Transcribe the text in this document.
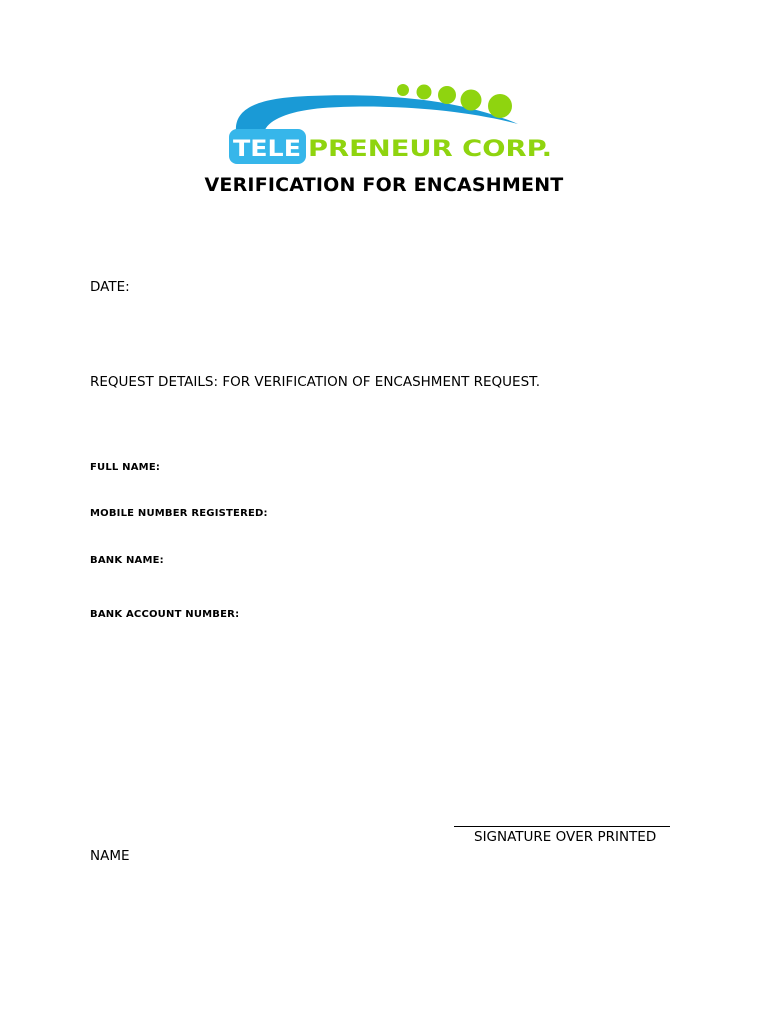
TELE PRENEUR CORP.
VERIFICATION FOR ENCASHMENT
DATE:
REQUEST DETAILS: FOR VERIFICATION OF ENCASHMENT REQUEST.
FULL NAME:
MOBILE NUMBER REGISTERED:
BANK NAME:
BANK ACCOUNT NUMBER:
SIGNATURE OVER PRINTED
NAME
